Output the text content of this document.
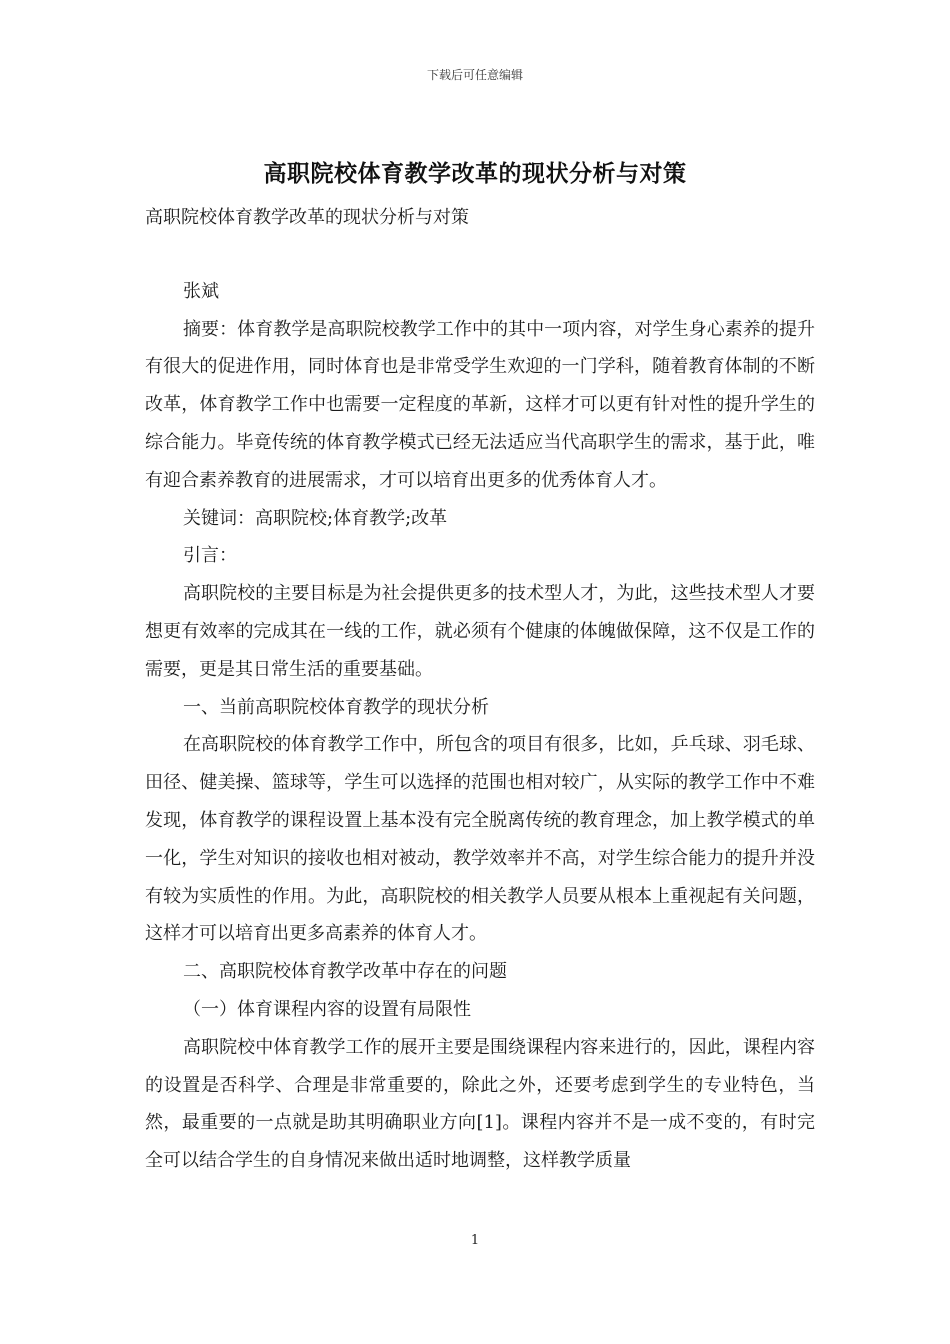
下载后可任意编辑
高职院校体育教学改革的现状分析与对策

高职院校体育教学改革的现状分析与对策

张斌

摘要：体育教学是高职院校教学工作中的其中一项内容，对学生身心素养的提升有很大的促进作用，同时体育也是非常受学生欢迎的一门学科，随着教育体制的不断改革，体育教学工作中也需要一定程度的革新，这样才可以更有针对性的提升学生的综合能力。毕竟传统的体育教学模式已经无法适应当代高职学生的需求，基于此，唯有迎合素养教育的进展需求，才可以培育出更多的优秀体育人才。

关键词：高职院校;体育教学;改革

引言：

高职院校的主要目标是为社会提供更多的技术型人才，为此，这些技术型人才要想更有效率的完成其在一线的工作，就必须有个健康的体魄做保障，这不仅是工作的需要，更是其日常生活的重要基础。

一、当前高职院校体育教学的现状分析

在高职院校的体育教学工作中，所包含的项目有很多，比如，乒乓球、羽毛球、田径、健美操、篮球等，学生可以选择的范围也相对较广，从实际的教学工作中不难发现，体育教学的课程设置上基本没有完全脱离传统的教育理念，加上教学模式的单一化，学生对知识的接收也相对被动，教学效率并不高，对学生综合能力的提升并没有较为实质性的作用。为此，高职院校的相关教学人员要从根本上重视起有关问题，这样才可以培育出更多高素养的体育人才。

二、高职院校体育教学改革中存在的问题

（一）体育课程内容的设置有局限性

高职院校中体育教学工作的展开主要是围绕课程内容来进行的，因此，课程内容的设置是否科学、合理是非常重要的，除此之外，还要考虑到学生的专业特色，当然，最重要的一点就是助其明确职业方向[1]。课程内容并不是一成不变的，有时完全可以结合学生的自身情况来做出适时地调整，这样教学质量

1
